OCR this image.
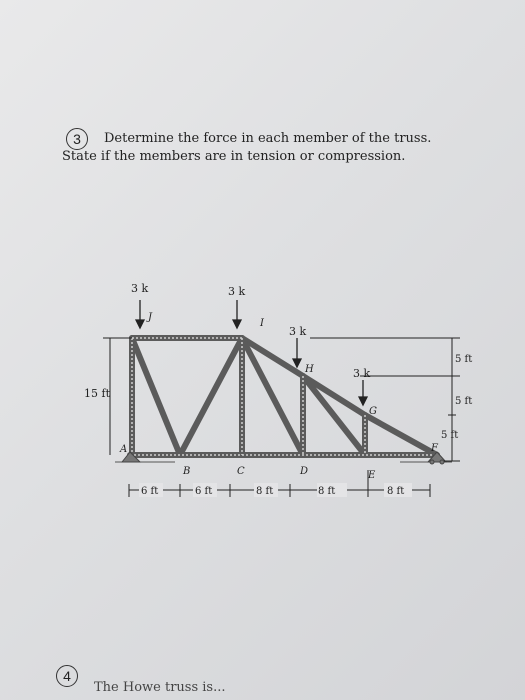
3	Determine the force in each member of the truss.
State if the members are in tension or compression.
3 k	3 k
3 k
3 k
J
I
H
G
A
B	C	D	E
F
15 ft
5 ft
5 ft
5 ft
6 ft	6 ft	8 ft	8 ft	8 ft
4
The Howe truss is...
